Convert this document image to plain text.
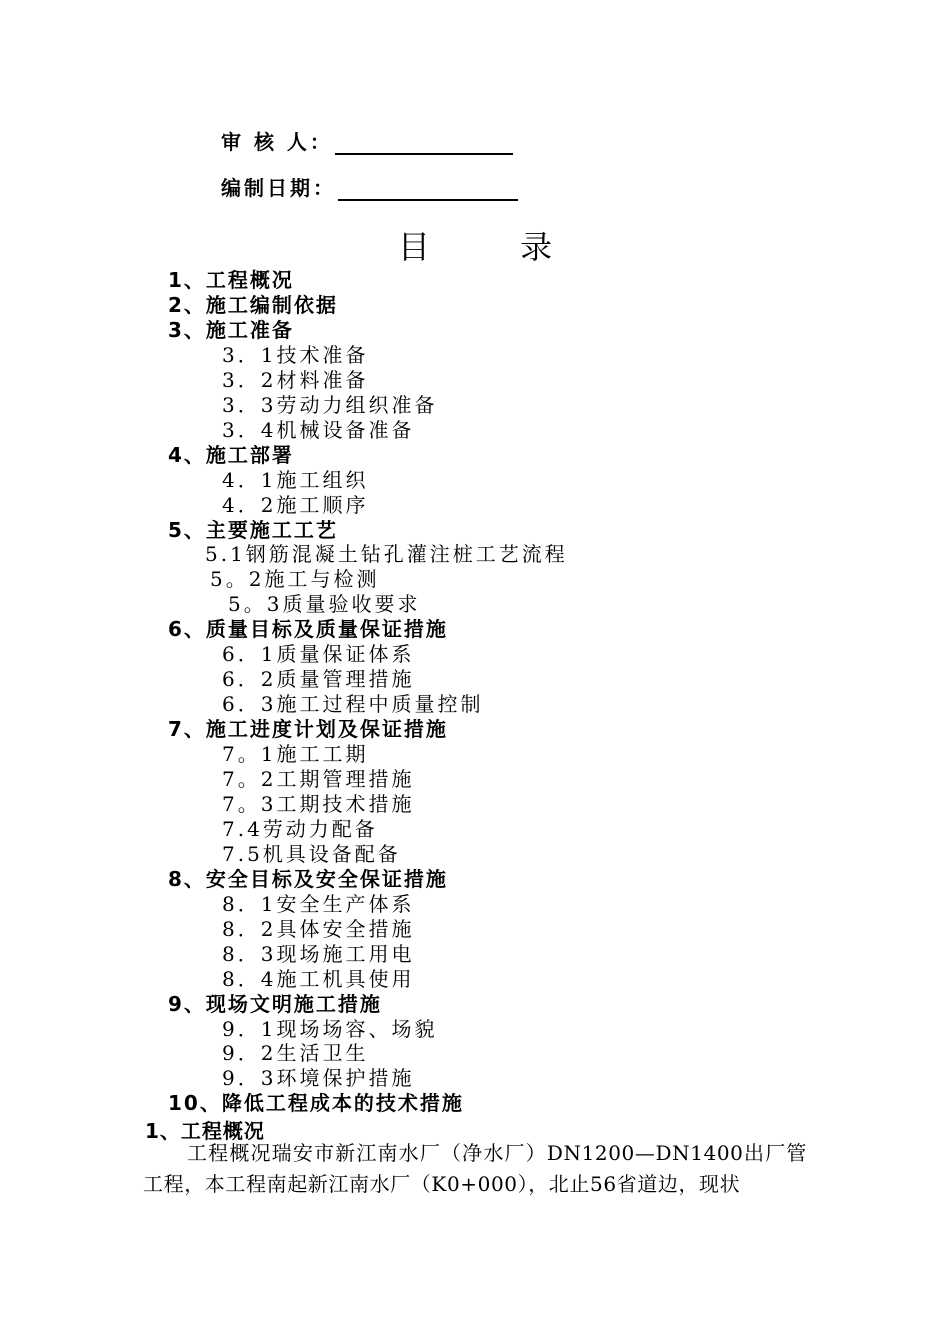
审 核 人：
编制日期：
目 录
1、工程概况
2、施工编制依据
3、施工准备
3．1技术准备
3．2材料准备
3．3劳动力组织准备
3．4机械设备准备
4、施工部署
4．1施工组织
4．2施工顺序
5、主要施工工艺
5.1钢筋混凝土钻孔灌注桩工艺流程
5。2施工与检测
5。3质量验收要求
6、质量目标及质量保证措施
6．1质量保证体系
6．2质量管理措施
6．3施工过程中质量控制
7、施工进度计划及保证措施
7。1施工工期
7。2工期管理措施
7。3工期技术措施
7.4劳动力配备
7.5机具设备配备
8、安全目标及安全保证措施
8．1安全生产体系
8．2具体安全措施
8．3现场施工用电
8．4施工机具使用
9、现场文明施工措施
9．1现场场容、场貌
9．2生活卫生
9．3环境保护措施
10、降低工程成本的技术措施
1、工程概况
工程概况瑞安市新江南水厂（净水厂）DN1200—DN1400出厂管工程，本工程南起新江南水厂（K0+000），北止56省道边，现状
